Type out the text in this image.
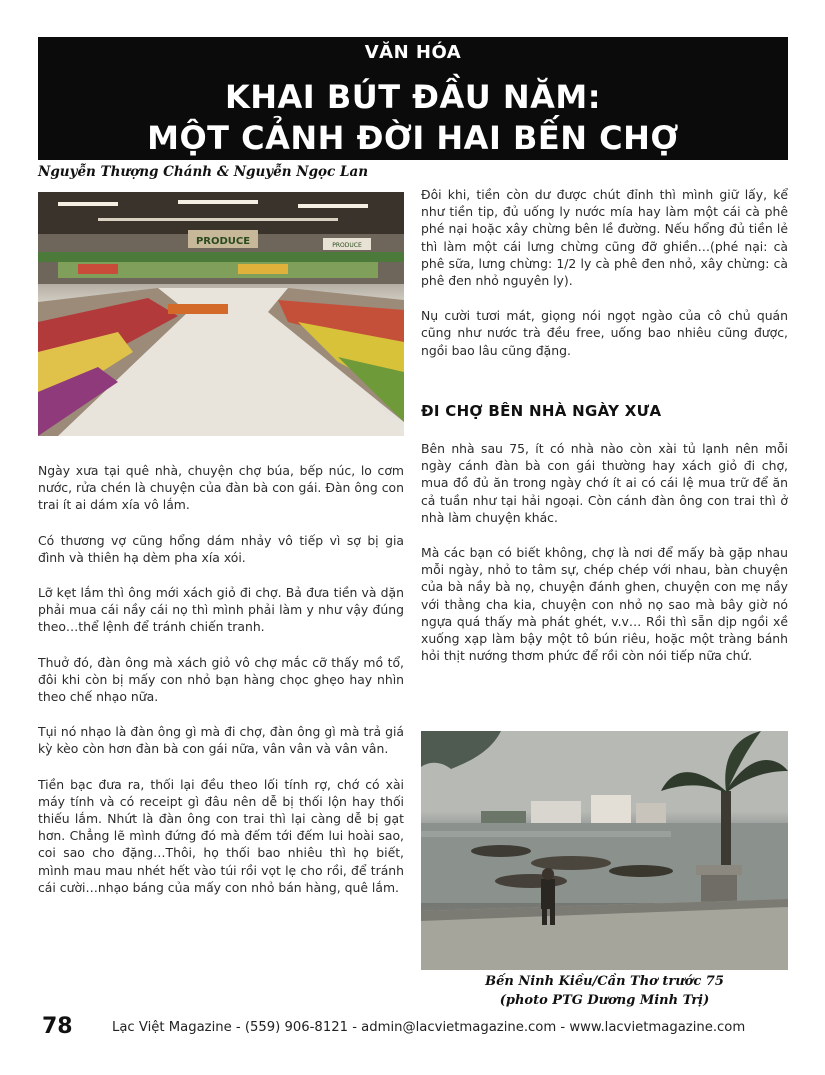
VĂN HÓA
KHAI BÚT ĐẦU NĂM:
MỘT CẢNH ĐỜI HAI BẾN CHỢ
Nguyễn Thượng Chánh & Nguyễn Ngọc Lan
PRODUCE	PRODUCE

Ngày xưa tại quê nhà, chuyện chợ búa, bếp núc, lo cơm nước, rửa chén là chuyện của đàn bà con gái. Đàn ông con trai ít ai dám xía vô lắm.

Có thương vợ cũng hổng dám nhảy vô tiếp vì sợ bị gia đình và thiên hạ dèm pha xía xói.

Lỡ kẹt lắm thì ông mới xách giỏ đi chợ. Bả đưa tiền và dặn phải mua cái nầy cái nọ thì mình phải làm y như vậy đúng theo…thể lệnh để tránh chiến tranh.

Thuở đó, đàn ông mà xách giỏ vô chợ mắc cỡ thấy mồ tổ, đôi khi còn bị mấy con nhỏ bạn hàng chọc ghẹo hay nhìn theo chế nhạo nữa.

Tụi nó nhạo là đàn ông gì mà đi chợ, đàn ông gì mà trả giá kỳ kèo còn hơn đàn bà con gái nữa, vân vân và vân vân.

Tiền bạc đưa ra, thối lại đều theo lối tính rợ, chớ có xài máy tính và có receipt gì đâu nên dễ bị thối lộn hay thối thiếu lắm. Nhứt là đàn ông con trai thì lại càng dễ bị gạt hơn. Chẳng lẽ mình đứng đó mà đếm tới đếm lui hoài sao, coi sao cho đặng…Thôi, họ thối bao nhiêu thì họ biết, mình mau mau nhét hết vào túi rồi vọt lẹ cho rồi, để tránh cái cười…nhạo báng của mấy con nhỏ bán hàng, quê lắm.

Đôi khi, tiền còn dư được chút đỉnh thì mình giữ lấy, kể như tiền tip, đủ uống ly nước mía hay làm một cái cà phê phé nại hoặc xây chừng bên lề đường. Nếu hổng đủ tiền lẻ thì làm một cái lưng chừng cũng đỡ ghiền…(phé nại: cà phê sữa, lưng chừng: 1/2 ly cà phê đen nhỏ, xây chừng: cà phê đen nhỏ nguyên ly).

Nụ cười tươi mát, giọng nói ngọt ngào của cô chủ quán cũng như nước trà đều free, uống bao nhiêu cũng được, ngồi bao lâu cũng đặng.

ĐI CHỢ BÊN NHÀ NGÀY XƯA

Bên nhà sau 75, ít có nhà nào còn xài tủ lạnh nên mỗi ngày cánh đàn bà con gái thường hay xách giỏ đi chợ, mua đồ đủ ăn trong ngày chớ ít ai có cái lệ mua trữ để ăn cả tuần như tại hải ngoại. Còn cánh đàn ông con trai thì ở nhà làm chuyện khác.

Mà các bạn có biết không, chợ là nơi để mấy bà gặp nhau mỗi ngày, nhỏ to tâm sự, chép chép với nhau, bàn chuyện của bà nầy bà nọ, chuyện đánh ghen, chuyện con mẹ nầy với thằng cha kia, chuyện con nhỏ nọ sao mà bây giờ nó ngựa quá thấy mà phát ghét, v.v… Rồi thì sẵn dịp ngồi xề xuống xạp làm bậy một tô bún riêu, hoặc một tràng bánh hỏi thịt nướng thơm phức để rồi còn nói tiếp nữa chứ.

Bến Ninh Kiều/Cần Thơ trước 75
(photo PTG Dương Minh Trị)
78	Lạc Việt Magazine - (559) 906-8121 - admin@lacvietmagazine.com - www.lacvietmagazine.com
